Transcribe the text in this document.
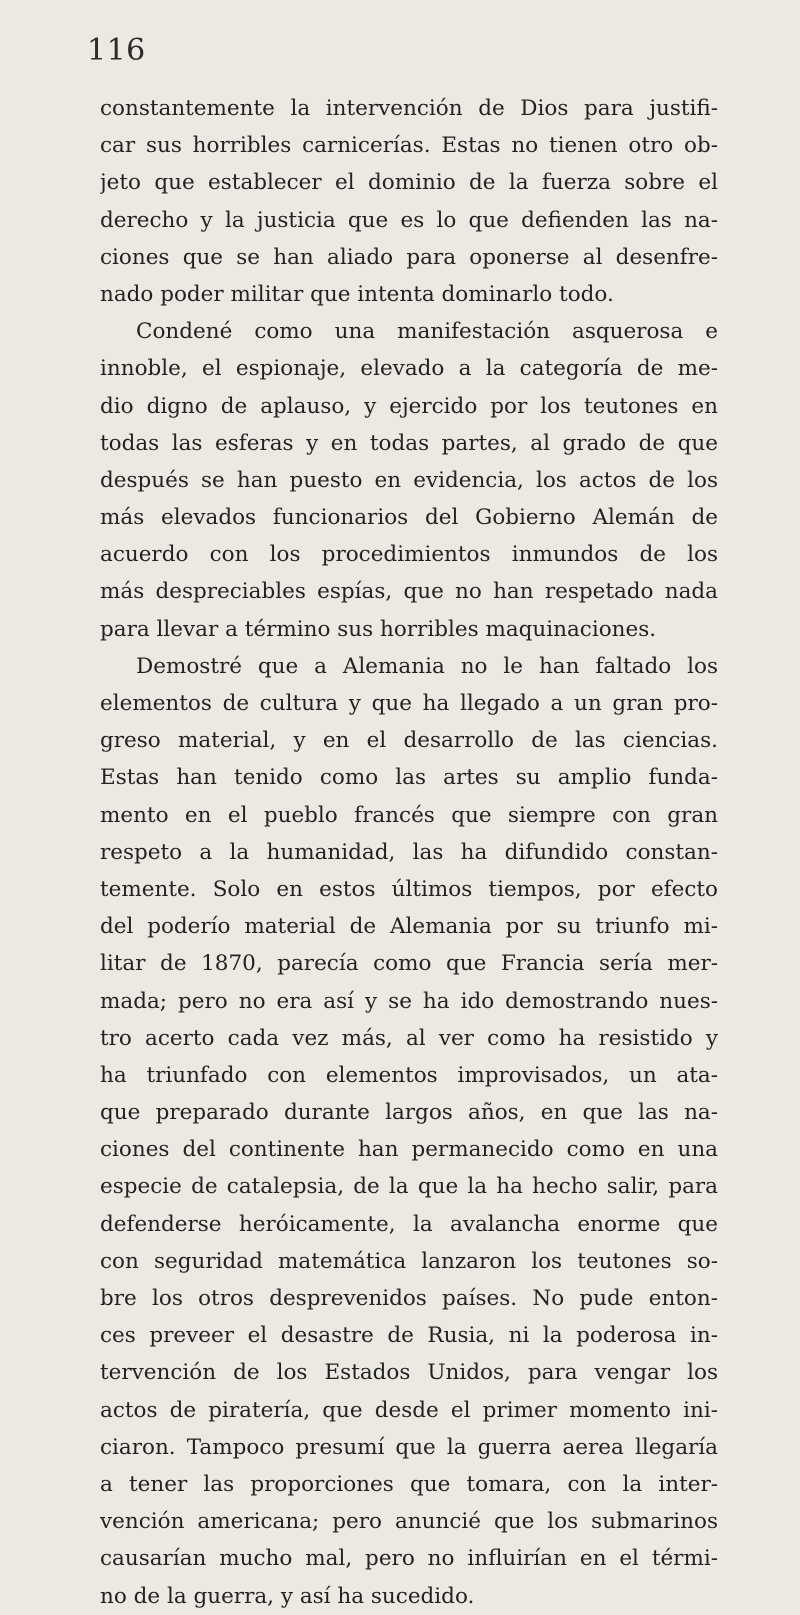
116
constantemente la intervención de Dios para justifi-
car sus horribles carnicerías. Estas no tienen otro ob-
jeto que establecer el dominio de la fuerza sobre el
derecho y la justicia que es lo que defienden las na-
ciones que se han aliado para oponerse al desenfre-
nado poder militar que intenta dominarlo todo.
Condené como una manifestación asquerosa e
innoble, el espionaje, elevado a la categoría de me-
dio digno de aplauso, y ejercido por los teutones en
todas las esferas y en todas partes, al grado de que
después se han puesto en evidencia, los actos de los
más elevados funcionarios del Gobierno Alemán de
acuerdo con los procedimientos inmundos de los
más despreciables espías, que no han respetado nada
para llevar a término sus horribles maquinaciones.
Demostré que a Alemania no le han faltado los
elementos de cultura y que ha llegado a un gran pro-
greso material, y en el desarrollo de las ciencias.
Estas han tenido como las artes su amplio funda-
mento en el pueblo francés que siempre con gran
respeto a la humanidad, las ha difundido constan-
temente. Solo en estos últimos tiempos, por efecto
del poderío material de Alemania por su triunfo mi-
litar de 1870, parecía como que Francia sería mer-
mada; pero no era así y se ha ido demostrando nues-
tro acerto cada vez más, al ver como ha resistido y
ha triunfado con elementos improvisados, un ata-
que preparado durante largos años, en que las na-
ciones del continente han permanecido como en una
especie de catalepsia, de la que la ha hecho salir, para
defenderse heróicamente, la avalancha enorme que
con seguridad matemática lanzaron los teutones so-
bre los otros desprevenidos países. No pude enton-
ces preveer el desastre de Rusia, ni la poderosa in-
tervención de los Estados Unidos, para vengar los
actos de piratería, que desde el primer momento ini-
ciaron. Tampoco presumí que la guerra aerea llegaría
a tener las proporciones que tomara, con la inter-
vención americana; pero anuncié que los submarinos
causarían mucho mal, pero no influirían en el térmi-
no de la guerra, y así ha sucedido.
